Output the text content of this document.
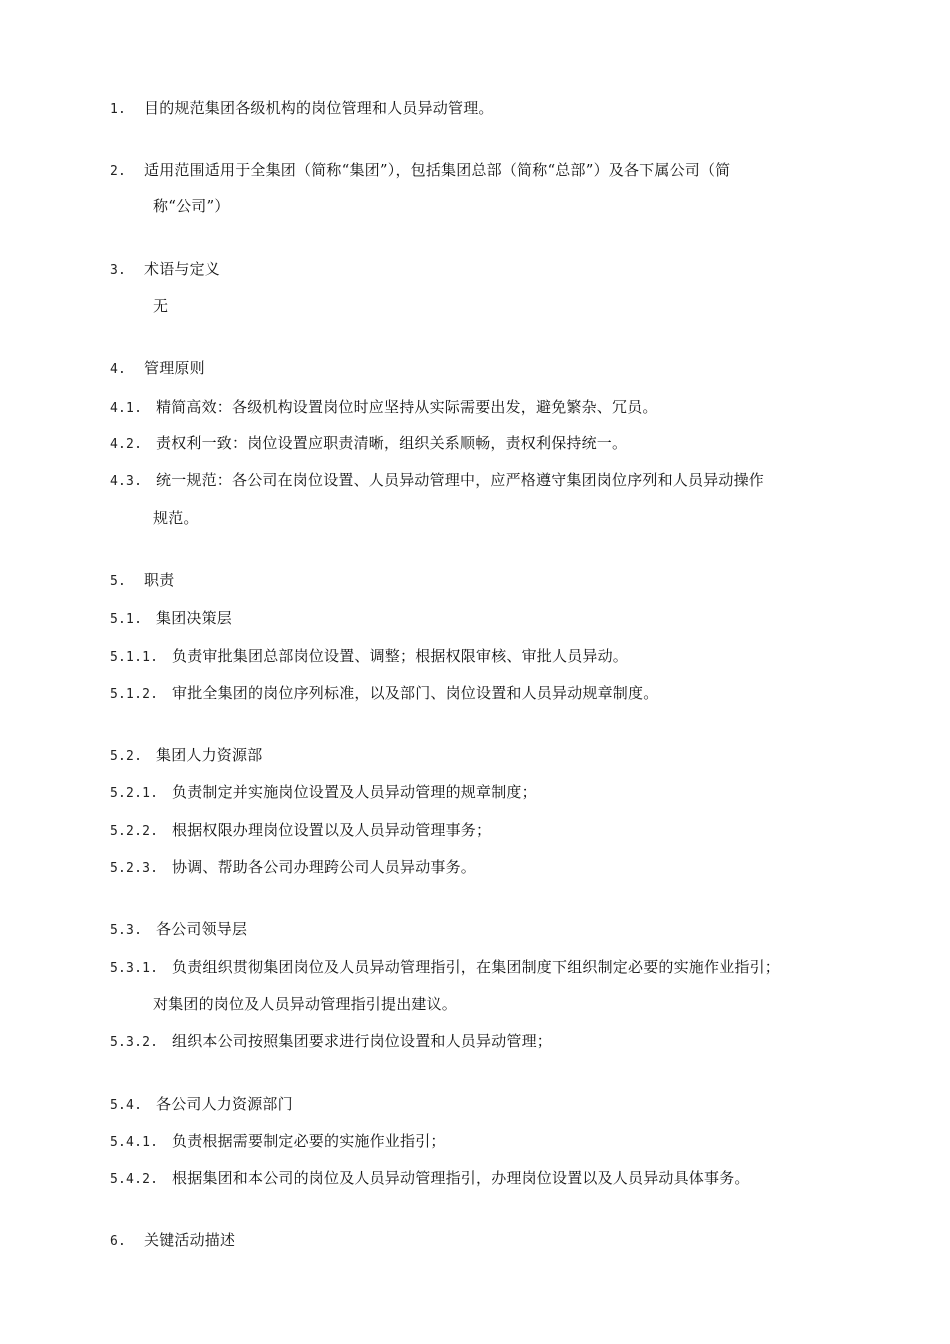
1. 目的规范集团各级机构的岗位管理和人员异动管理。
2. 适用范围适用于全集团（简称“集团”），包括集团总部（简称“总部”）及各下属公司（简
称“公司”）
3. 术语与定义
无
4. 管理原则
4.1. 精简高效：各级机构设置岗位时应坚持从实际需要出发，避免繁杂、冗员。
4.2. 责权利一致：岗位设置应职责清晰，组织关系顺畅，责权利保持统一。
4.3. 统一规范：各公司在岗位设置、人员异动管理中，应严格遵守集团岗位序列和人员异动操作
规范。
5. 职责
5.1. 集团决策层
5.1.1. 负责审批集团总部岗位设置、调整；根据权限审核、审批人员异动。
5.1.2. 审批全集团的岗位序列标准，以及部门、岗位设置和人员异动规章制度。
5.2. 集团人力资源部
5.2.1. 负责制定并实施岗位设置及人员异动管理的规章制度；
5.2.2. 根据权限办理岗位设置以及人员异动管理事务；
5.2.3. 协调、帮助各公司办理跨公司人员异动事务。
5.3. 各公司领导层
5.3.1. 负责组织贯彻集团岗位及人员异动管理指引，在集团制度下组织制定必要的实施作业指引；
对集团的岗位及人员异动管理指引提出建议。
5.3.2. 组织本公司按照集团要求进行岗位设置和人员异动管理；
5.4. 各公司人力资源部门
5.4.1. 负责根据需要制定必要的实施作业指引；
5.4.2. 根据集团和本公司的岗位及人员异动管理指引，办理岗位设置以及人员异动具体事务。
6. 关键活动描述
